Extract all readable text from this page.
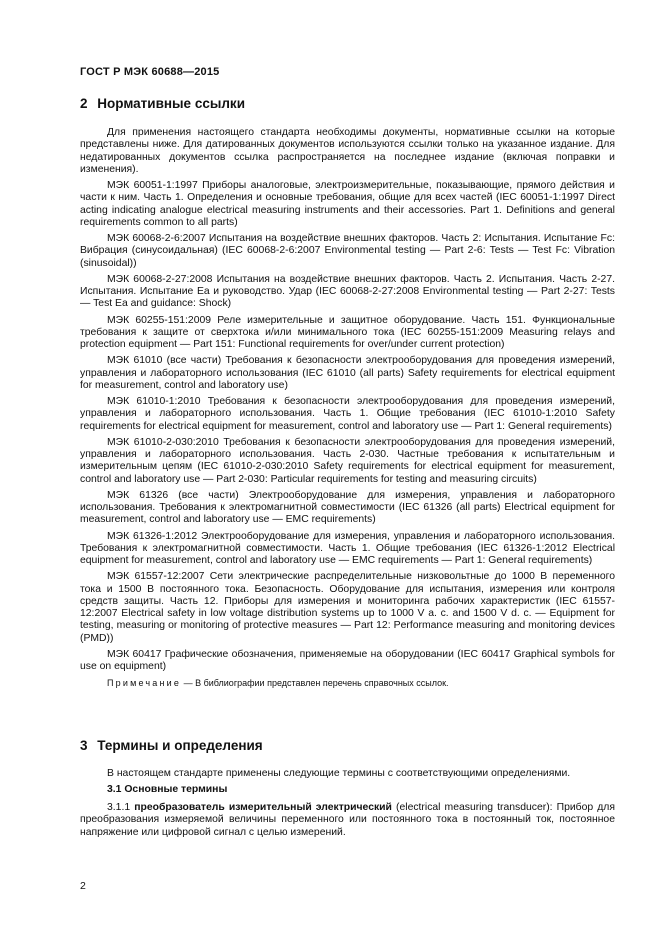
ГОСТ Р МЭК 60688—2015
2 Нормативные ссылки

Для применения настоящего стандарта необходимы документы, нормативные ссылки на которые представлены ниже. Для датированных документов используются ссылки только на указанное издание. Для недатированных документов ссылка распространяется на последнее издание (включая поправки и изменения).

МЭК 60051-1:1997 Приборы аналоговые, электроизмерительные, показывающие, прямого действия и части к ним. Часть 1. Определения и основные требования, общие для всех частей (IEC 60051-1:1997 Direct acting indicating analogue electrical measuring instruments and their accessories. Part 1. Definitions and general requirements common to all parts)

МЭК 60068-2-6:2007 Испытания на воздействие внешних факторов. Часть 2: Испытания. Испытание Fc: Вибрация (синусоидальная) (IEC 60068-2-6:2007 Environmental testing — Part 2-6: Tests — Test Fc: Vibration (sinusoidal))

МЭК 60068-2-27:2008 Испытания на воздействие внешних факторов. Часть 2. Испытания. Часть 2-27. Испытания. Испытание Еа и руководство. Удар (IEC 60068-2-27:2008 Environmental testing — Part 2-27: Tests — Test Ea and guidance: Shock)

МЭК 60255-151:2009 Реле измерительные и защитное оборудование. Часть 151. Функциональные требования к защите от сверхтока и/или минимального тока (IEC 60255-151:2009 Measuring relays and protection equipment — Part 151: Functional requirements for over/under current protection)

МЭК 61010 (все части) Требования к безопасности электрооборудования для проведения измерений, управления и лабораторного использования (IEC 61010 (all parts) Safety requirements for electrical equipment for measurement, control and laboratory use)

МЭК 61010-1:2010 Требования к безопасности электрооборудования для проведения измерений, управления и лабораторного использования. Часть 1. Общие требования (IEC 61010-1:2010 Safety requirements for electrical equipment for measurement, control and laboratory use — Part 1: General requirements)

МЭК 61010-2-030:2010 Требования к безопасности электрооборудования для проведения измерений, управления и лабораторного использования. Часть 2-030. Частные требования к испытательным и измерительным цепям (IEC 61010-2-030:2010 Safety requirements for electrical equipment for measurement, control and laboratory use — Part 2-030: Particular requirements for testing and measuring circuits)

МЭК 61326 (все части) Электрооборудование для измерения, управления и лабораторного использования. Требования к электромагнитной совместимости (IEC 61326 (all parts) Electrical equipment for measurement, control and laboratory use — EMC requirements)

МЭК 61326-1:2012 Электрооборудование для измерения, управления и лабораторного использования. Требования к электромагнитной совместимости. Часть 1. Общие требования (IEC 61326-1:2012 Electrical equipment for measurement, control and laboratory use — EMC requirements — Part 1: General requirements)

МЭК 61557-12:2007 Сети электрические распределительные низковольтные до 1000 В переменного тока и 1500 В постоянного тока. Безопасность. Оборудование для испытания, измерения или контроля средств защиты. Часть 12. Приборы для измерения и мониторинга рабочих характеристик (IEC 61557-12:2007 Electrical safety in low voltage distribution systems up to 1000 V a. c. and 1500 V d. c. — Equipment for testing, measuring or monitoring of protective measures — Part 12: Performance measuring and monitoring devices (PMD))

МЭК 60417 Графические обозначения, применяемые на оборудовании (IEC 60417 Graphical symbols for use on equipment)

Примечание — В библиографии представлен перечень справочных ссылок.

3 Термины и определения

В настоящем стандарте применены следующие термины с соответствующими определениями.

3.1 Основные термины

3.1.1 преобразователь измерительный электрический (electrical measuring transducer): Прибор для преобразования измеряемой величины переменного или постоянного тока в постоянный ток, постоянное напряжение или цифровой сигнал с целью измерений.

2
